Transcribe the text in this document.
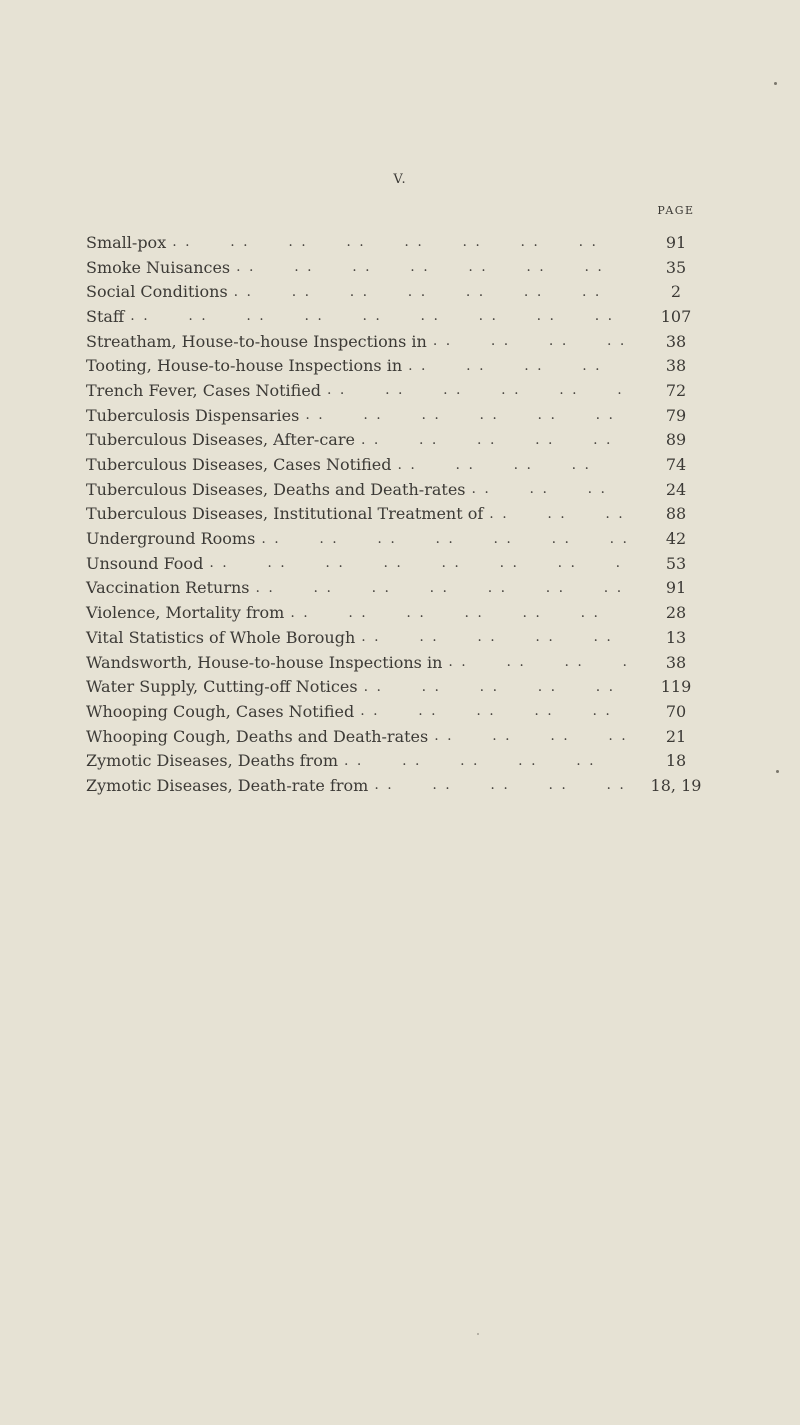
V.
PAGE
Small-pox . .	91
Smoke Nuisances . .	35
Social Conditions . .	2
Staff . .	107
Streatham, House-to-house Inspections in . .	38
Tooting, House-to-house Inspections in . .	38
Trench Fever, Cases Notified . .	72
Tuberculosis Dispensaries . .	79
Tuberculous Diseases, After-care . .	89
Tuberculous Diseases, Cases Notified . .	74
Tuberculous Diseases, Deaths and Death-rates . .	24
Tuberculous Diseases, Institutional Treatment of . .	88
Underground Rooms . .	42
Unsound Food . .	53
Vaccination Returns . .	91
Violence, Mortality from . .	28
Vital Statistics of Whole Borough . .	13
Wandsworth, House-to-house Inspections in . .	38
Water Supply, Cutting-off Notices . .	119
Whooping Cough, Cases Notified . .	70
Whooping Cough, Deaths and Death-rates . .	21
Zymotic Diseases, Deaths from . .	18
Zymotic Diseases, Death-rate from . .	18, 19
